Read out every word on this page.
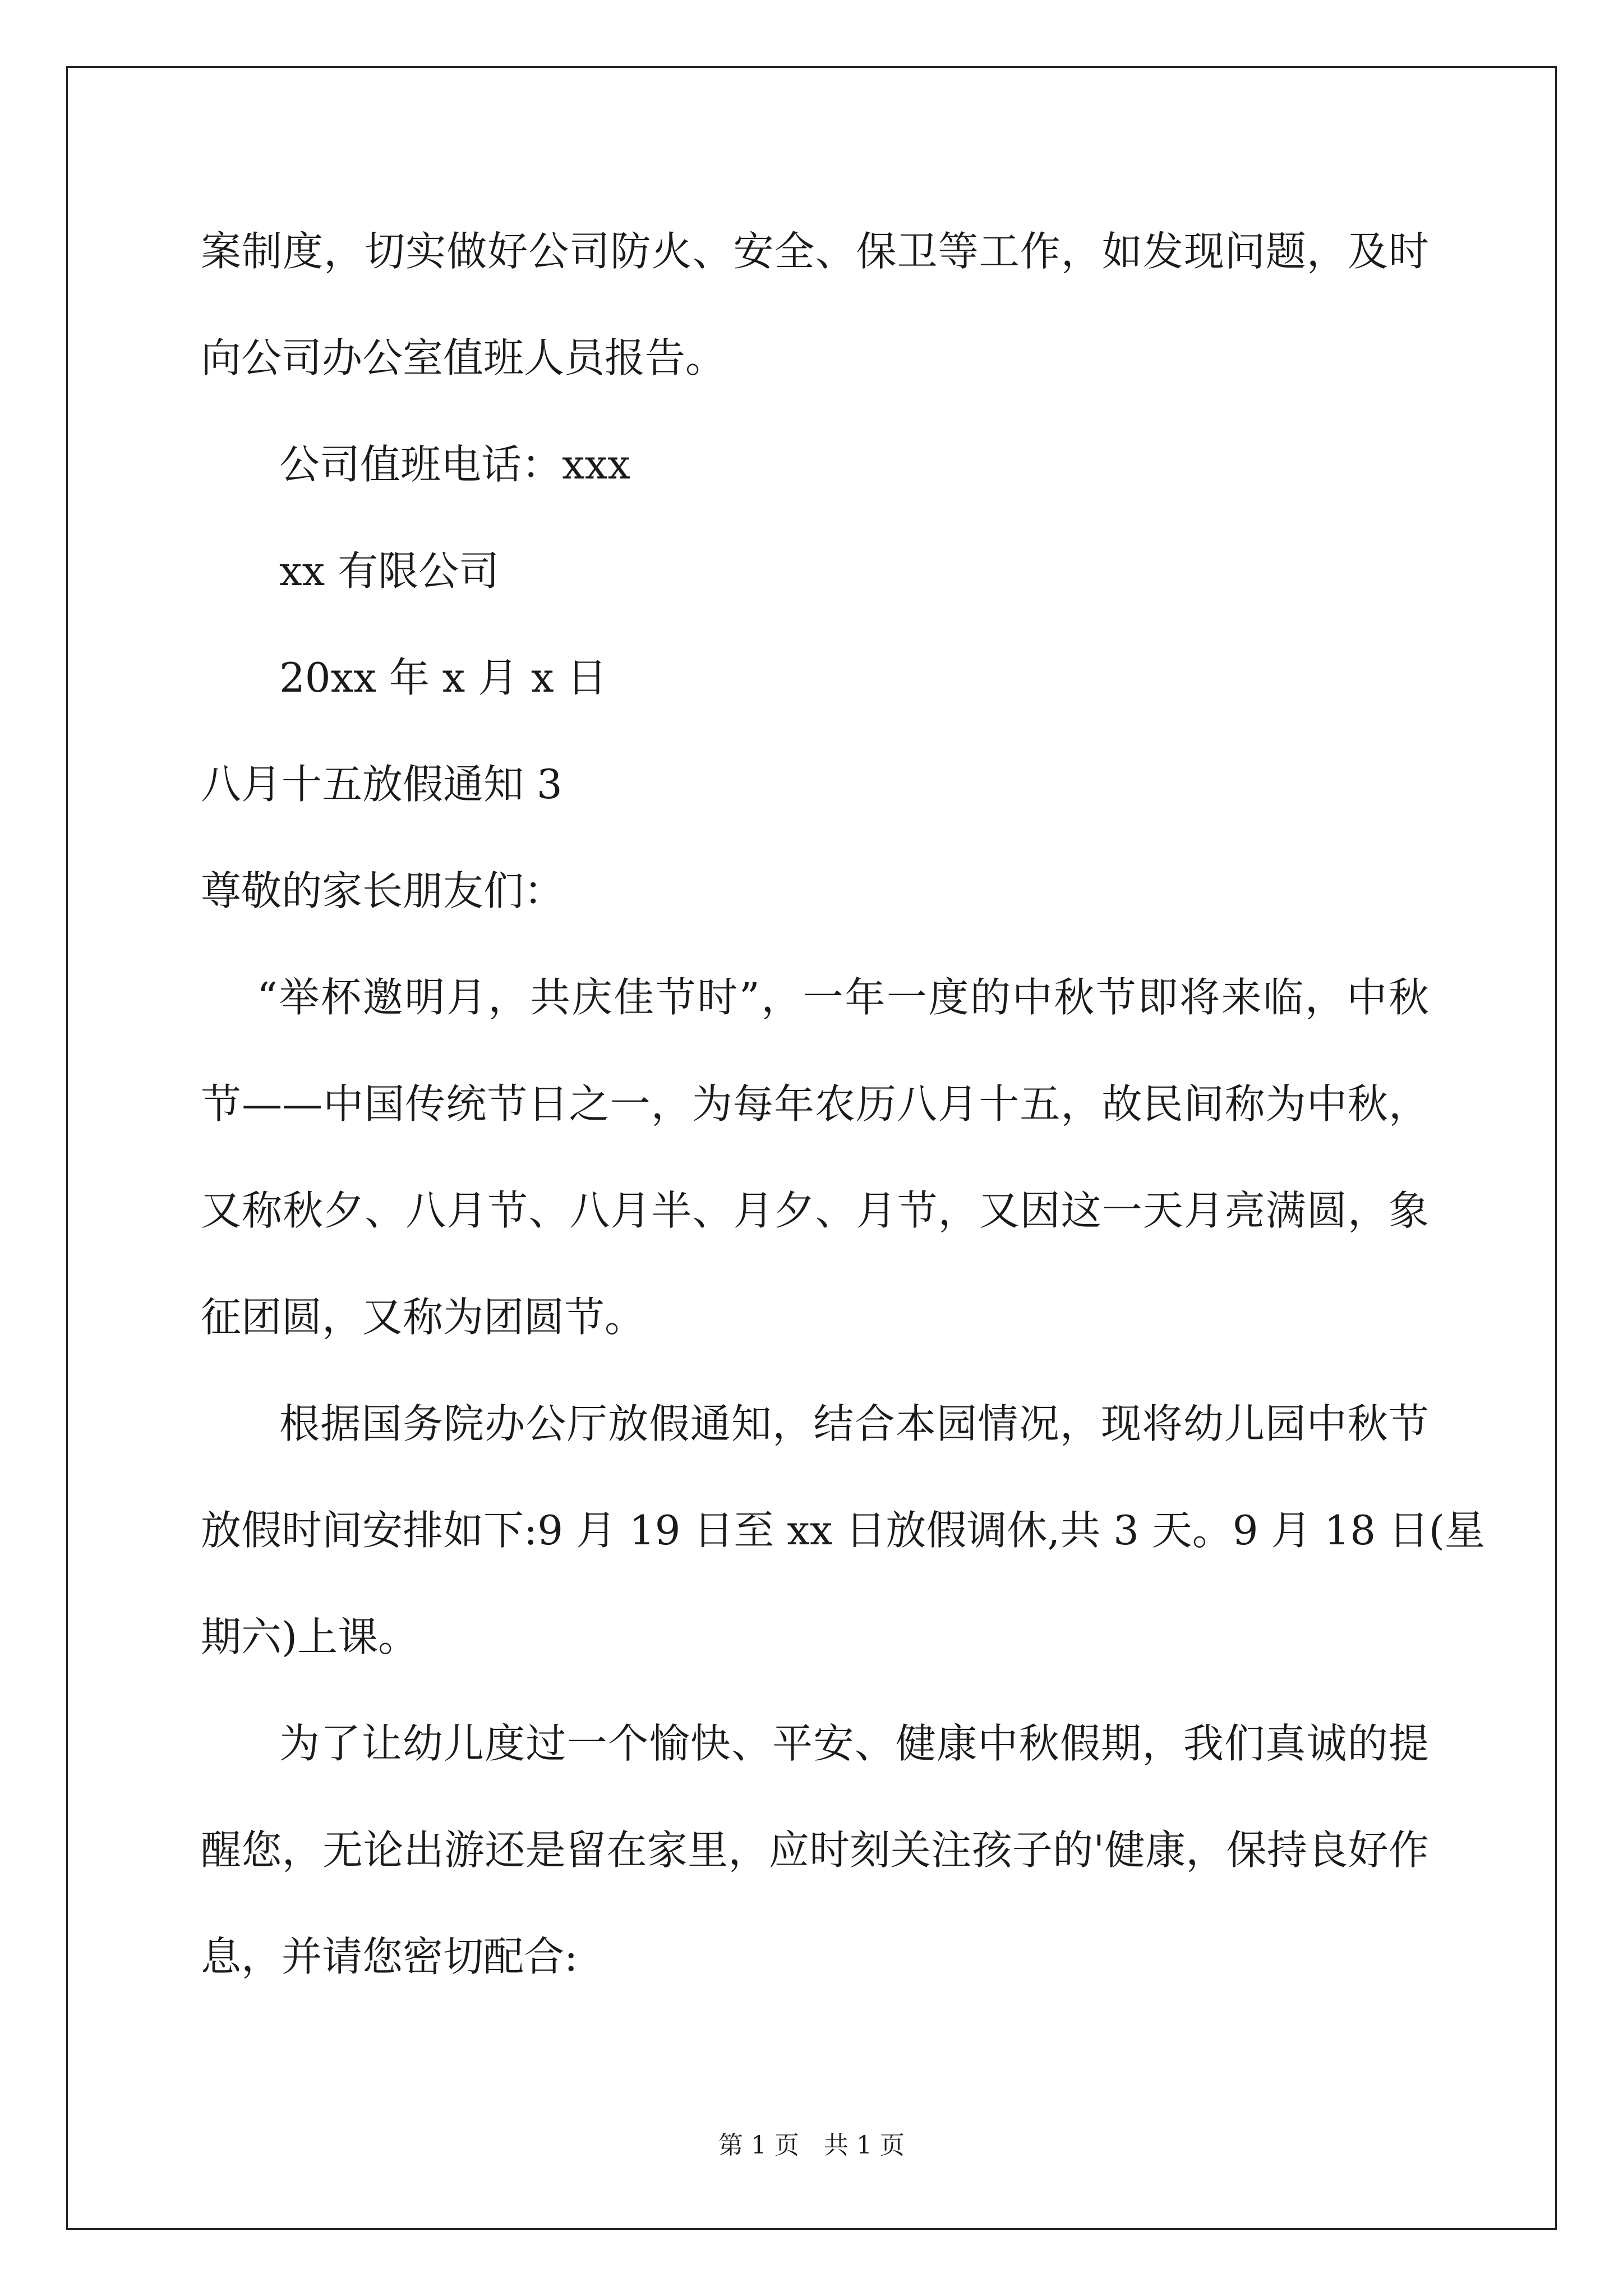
案制度，切实做好公司防火、安全、保卫等工作，如发现问题，及时

向公司办公室值班人员报告。

公司值班电话：xxx

xx 有限公司

20xx 年 x 月 x 日

八月十五放假通知 3

尊敬的家长朋友们：

“举杯邀明月，共庆佳节时”，一年一度的中秋节即将来临，中秋

节——中国传统节日之一，为每年农历八月十五，故民间称为中秋，

又称秋夕、八月节、八月半、月夕、月节，又因这一天月亮满圆，象

征团圆，又称为团圆节。

根据国务院办公厅放假通知，结合本园情况，现将幼儿园中秋节

放假时间安排如下:9 月 19 日至 xx 日放假调休,共 3 天。9 月 18 日(星

期六)上课。

为了让幼儿度过一个愉快、平安、健康中秋假期，我们真诚的提

醒您，无论出游还是留在家里，应时刻关注孩子的'健康，保持良好作

息，并请您密切配合:

第 1 页　共 1 页
